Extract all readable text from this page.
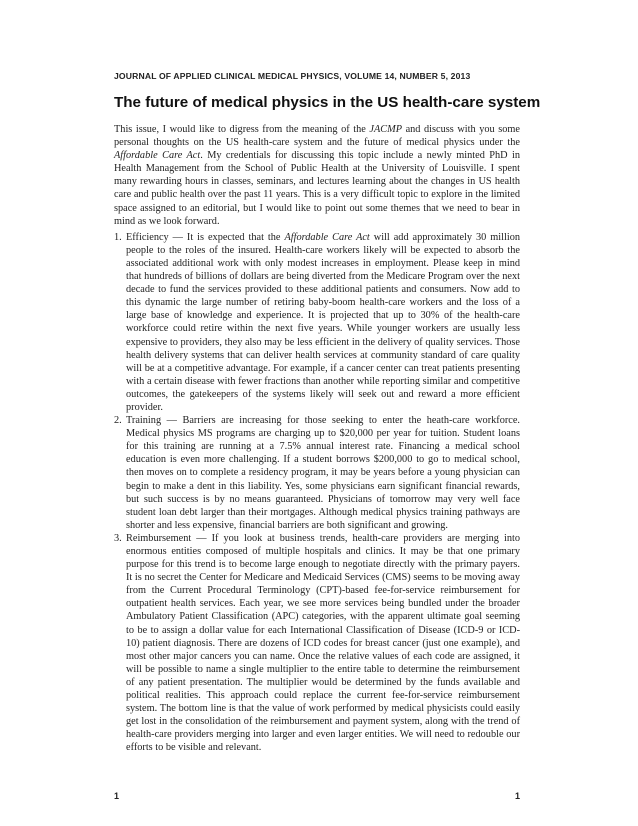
JOURNAL OF APPLIED CLINICAL MEDICAL PHYSICS, VOLUME 14, NUMBER 5, 2013
The future of medical physics in the US health-care system

This issue, I would like to digress from the meaning of the JACMP and discuss with you some personal thoughts on the US health-care system and the future of medical physics under the Affordable Care Act. My credentials for discussing this topic include a newly minted PhD in Health Management from the School of Public Health at the University of Louisville. I spent many rewarding hours in classes, seminars, and lectures learning about the changes in US health care and public health over the past 11 years. This is a very difficult topic to explore in the limited space assigned to an editorial, but I would like to point out some themes that we need to bear in mind as we look forward.

1. Efficiency — It is expected that the Affordable Care Act will add approximately 30 million people to the roles of the insured. Health-care workers likely will be expected to absorb the associated additional work with only modest increases in employment. Please keep in mind that hundreds of billions of dollars are being diverted from the Medicare Program over the next decade to fund the services provided to these additional patients and consumers. Now add to this dynamic the large number of retiring baby-boom health-care workers and the loss of a large base of knowledge and experience. It is projected that up to 30% of the health-care workforce could retire within the next five years. While younger workers are usually less expensive to providers, they also may be less efficient in the delivery of quality services. Those health delivery systems that can deliver health services at community standard of care quality will be at a competitive advantage. For example, if a cancer center can treat patients presenting with a certain disease with fewer fractions than another while reporting similar and competitive outcomes, the gatekeepers of the systems likely will seek out and reward a more efficient provider.
2. Training — Barriers are increasing for those seeking to enter the heath-care workforce. Medical physics MS programs are charging up to $20,000 per year for tuition. Student loans for this training are running at a 7.5% annual interest rate. Financing a medical school education is even more challenging. If a student borrows $200,000 to go to medical school, then moves on to complete a residency program, it may be years before a young physician can begin to make a dent in this liability. Yes, some physicians earn significant financial rewards, but such success is by no means guaranteed. Physicians of tomorrow may very well face student loan debt larger than their mortgages. Although medical physics training pathways are shorter and less expensive, financial barriers are both significant and growing.
3. Reimbursement — If you look at business trends, health-care providers are merging into enormous entities composed of multiple hospitals and clinics. It may be that one primary purpose for this trend is to become large enough to negotiate directly with the primary payers. It is no secret the Center for Medicare and Medicaid Services (CMS) seems to be moving away from the Current Procedural Terminology (CPT)-based fee-for-service reimbursement for outpatient health services. Each year, we see more services being bundled under the broader Ambulatory Patient Classification (APC) categories, with the apparent ultimate goal seeming to be to assign a dollar value for each International Classification of Disease (ICD-9 or ICD-10) patient diagnosis. There are dozens of ICD codes for breast cancer (just one example), and most other major cancers you can name. Once the relative values of each code are assigned, it will be possible to name a single multiplier to the entire table to determine the reimbursement of any patient presentation. The multiplier would be determined by the funds available and political realities. This approach could replace the current fee-for-service reimbursement system. The bottom line is that the value of work performed by medical physicists could easily get lost in the consolidation of the reimbursement and payment system, along with the trend of health-care providers merging into larger and even larger entities. We will need to redouble our efforts to be visible and relevant.
1	1
